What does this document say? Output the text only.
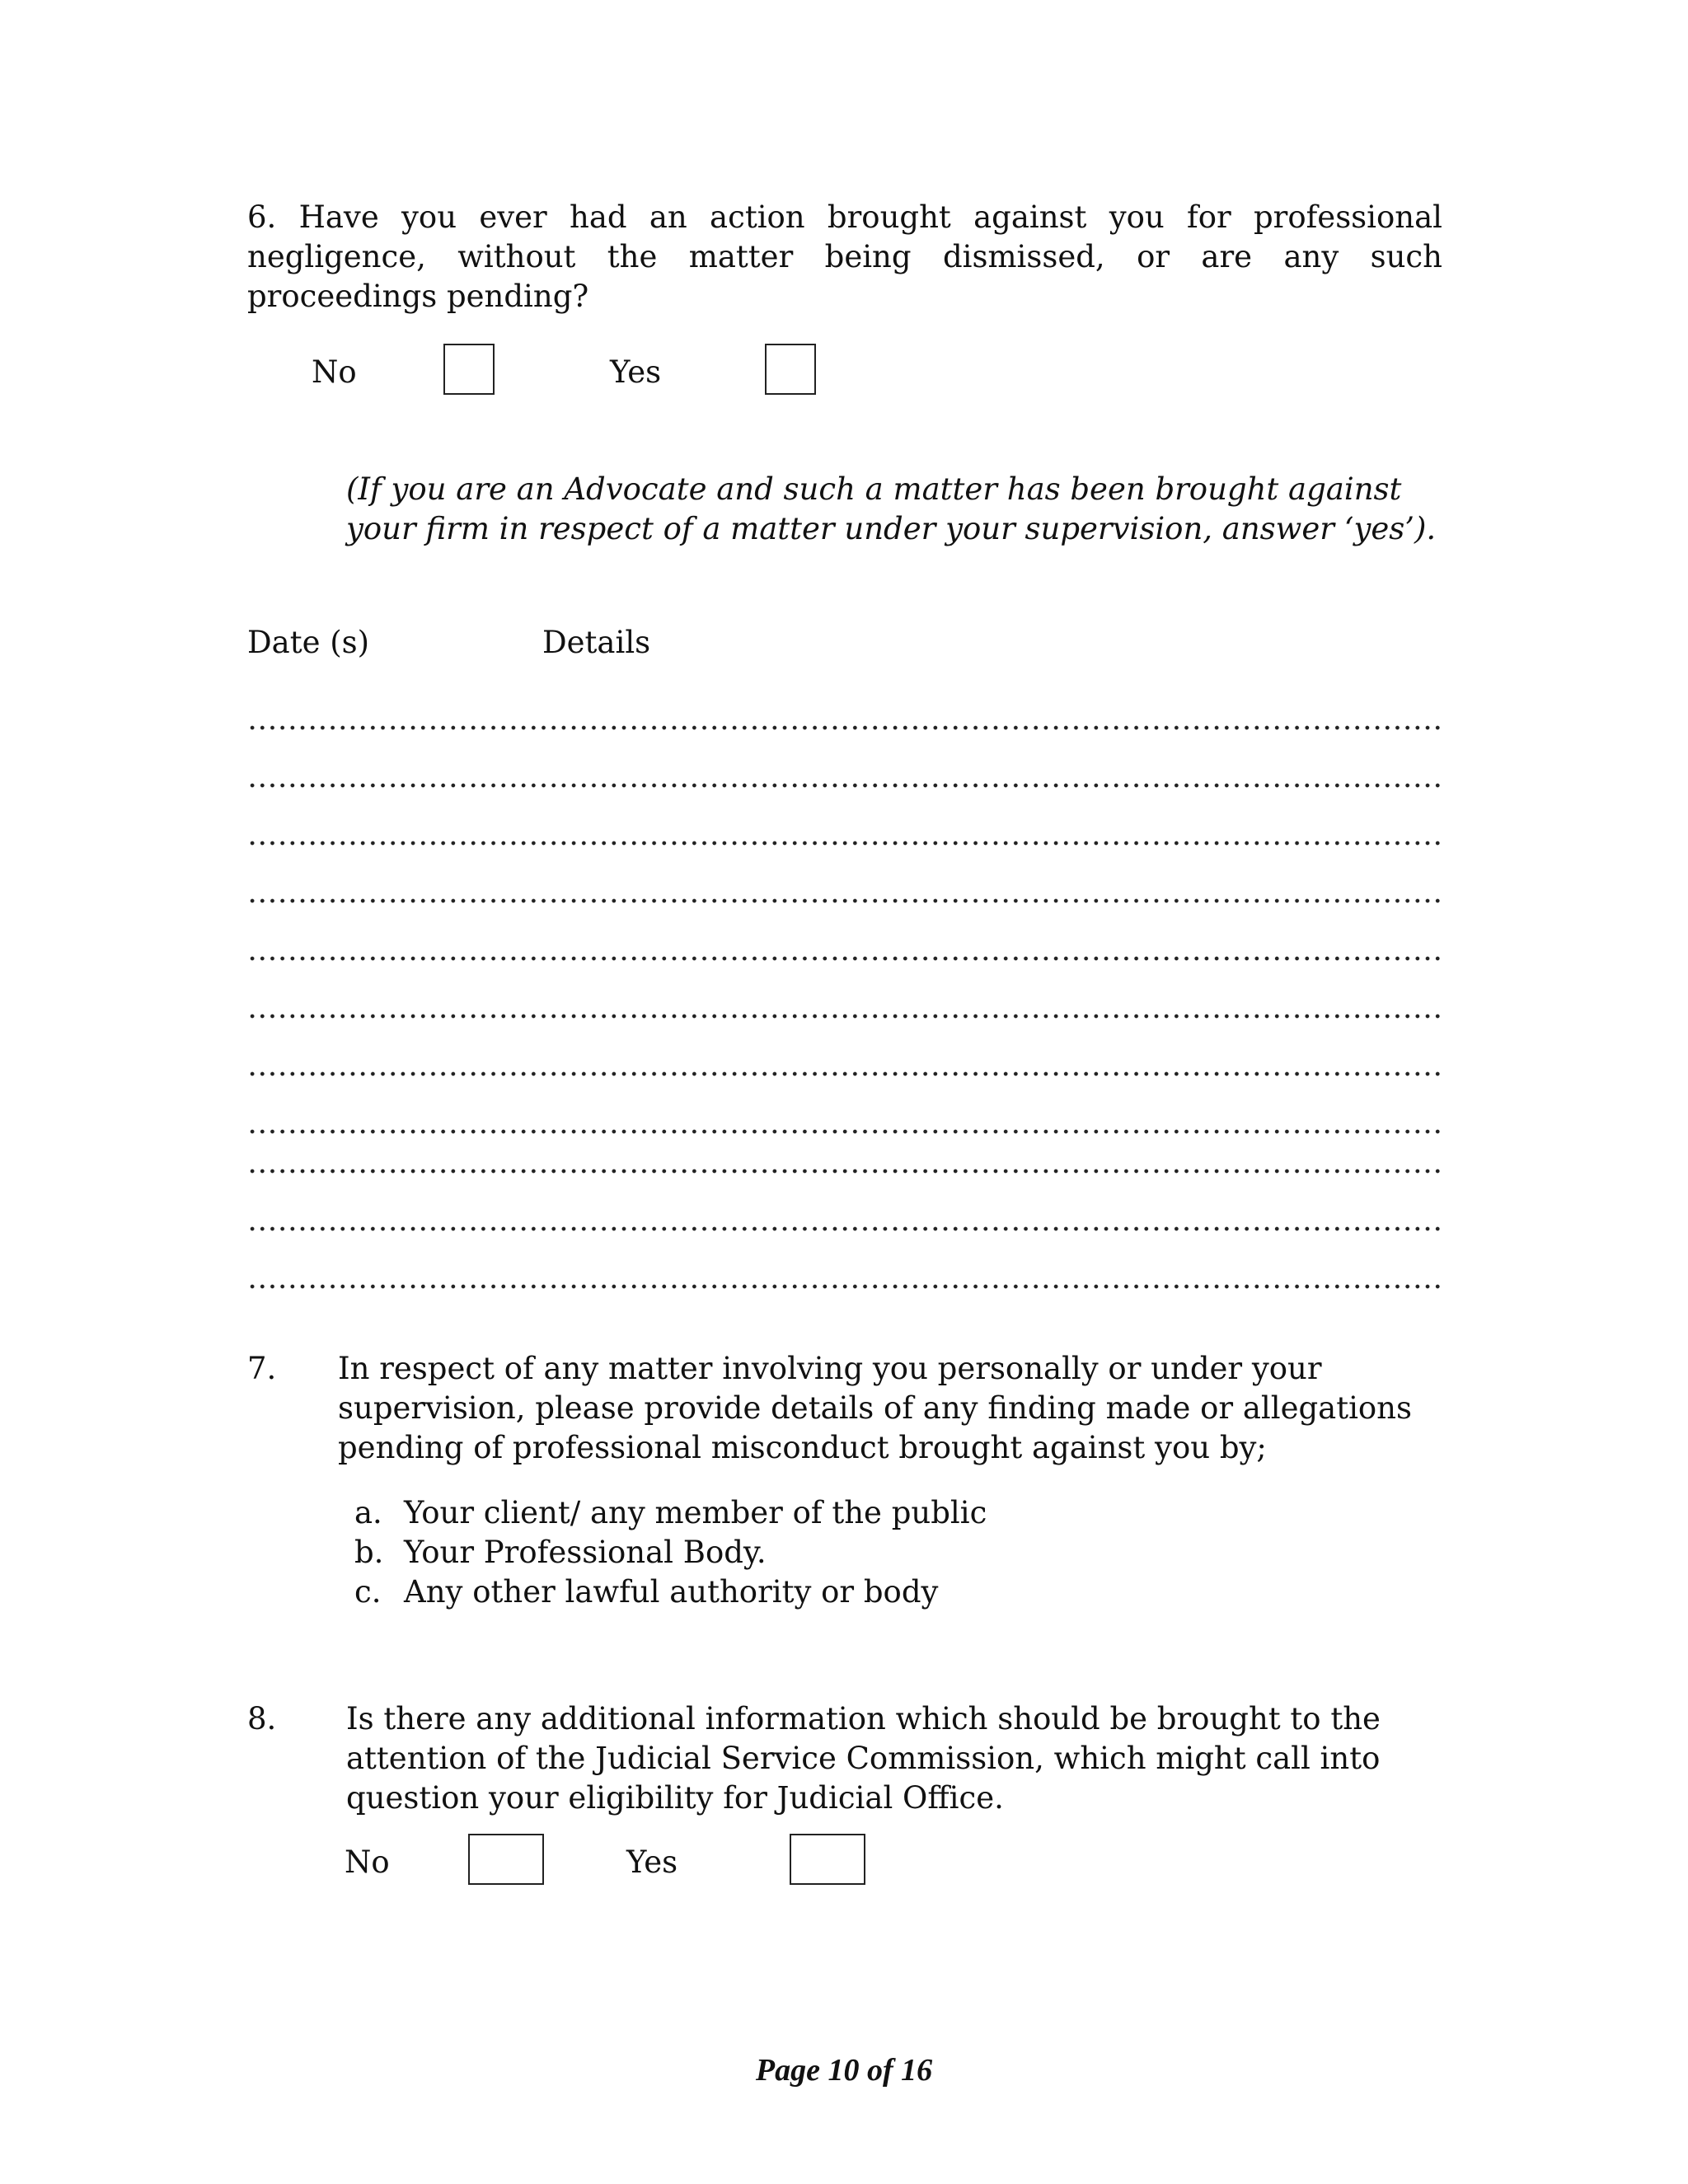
6. Have you ever had an action brought against you for professional negligence, without the matter being dismissed, or are any such proceedings pending?
No	Yes
(If you are an Advocate and such a matter has been brought against your firm in respect of a matter under your supervision, answer ‘yes’).
Date (s)	Details
7. In respect of any matter involving you personally or under your supervision, please provide details of any finding made or allegations pending of professional misconduct brought against you by;
a. Your client/ any member of the public
b. Your Professional Body.
c. Any other lawful authority or body
8. Is there any additional information which should be brought to the attention of the Judicial Service Commission, which might call into question your eligibility for Judicial Office.
No	Yes
Page 10 of 16
